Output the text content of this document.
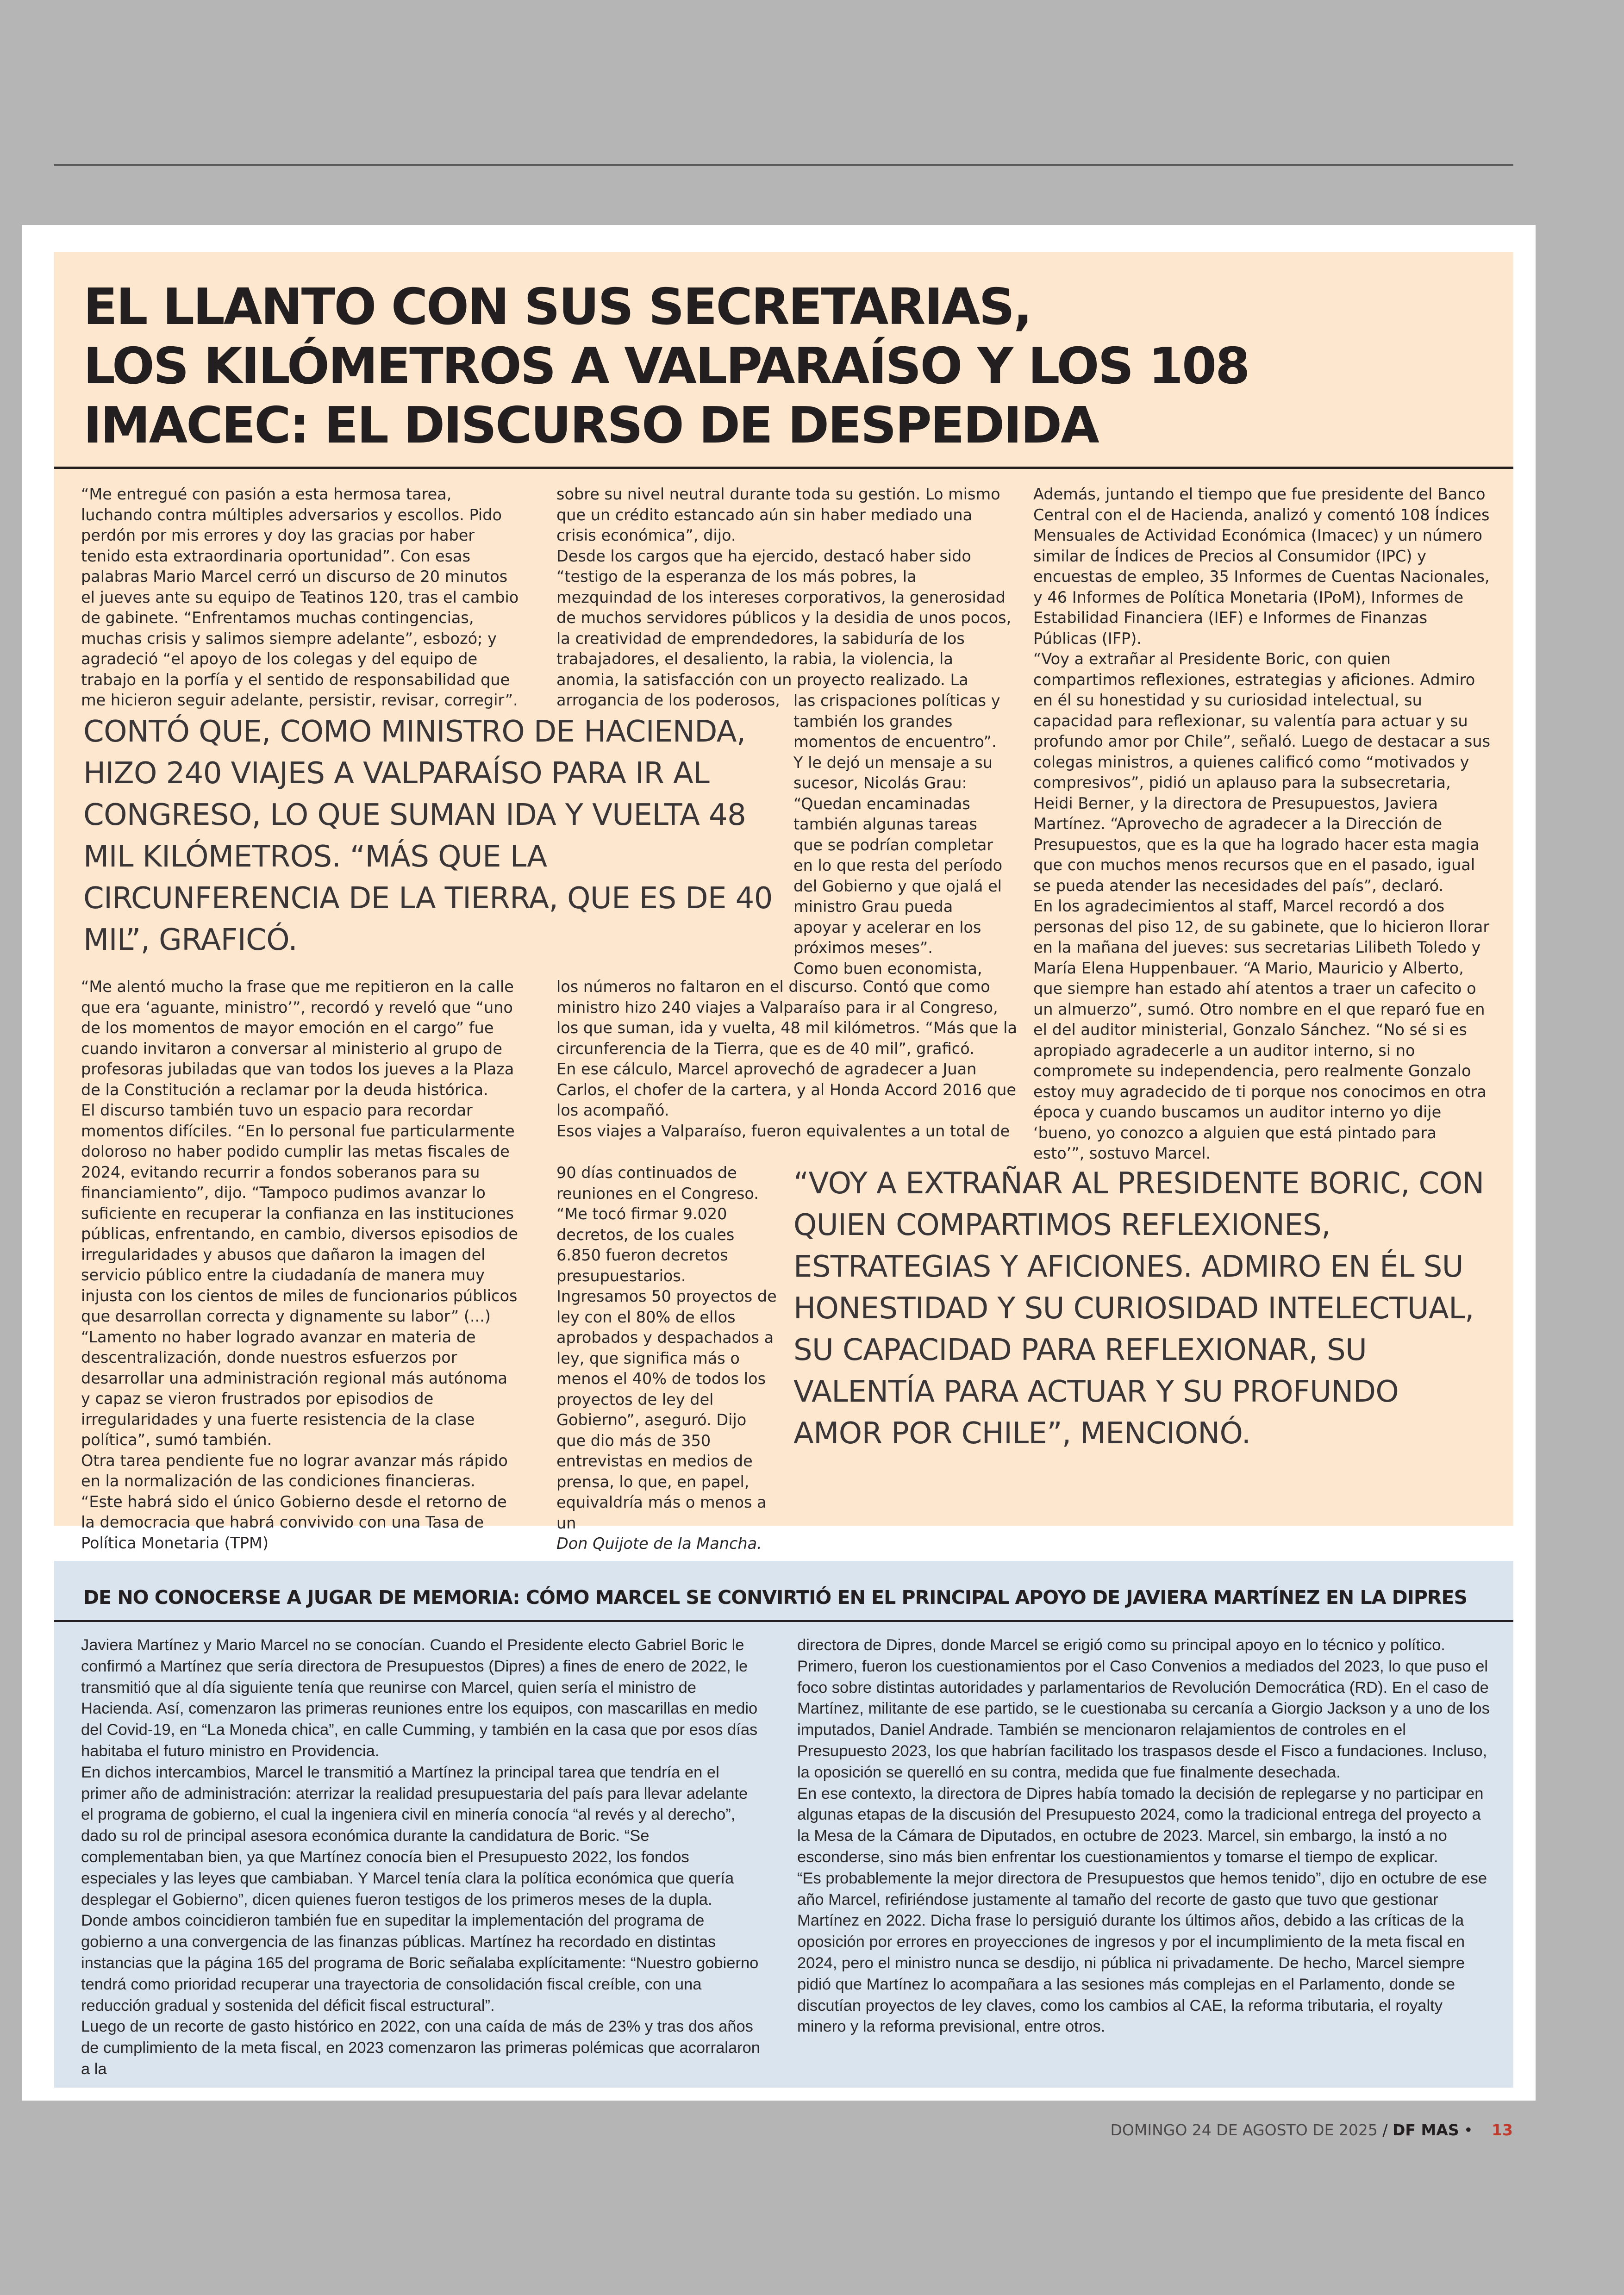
EL LLANTO CON SUS SECRETARIAS,
LOS KILÓMETROS A VALPARAÍSO Y LOS 108
IMACEC: EL DISCURSO DE DESPEDIDA

“Me entregué con pasión a esta hermosa tarea, luchando contra múltiples adversarios y escollos. Pido perdón por mis errores y doy las gracias por haber tenido esta extraordinaria oportunidad”. Con esas palabras Mario Marcel cerró un discurso de 20 minutos el jueves ante su equipo de Teatinos 120, tras el cambio de gabinete. “Enfrentamos muchas contingencias, muchas crisis y salimos siempre adelante”, esbozó; y agradeció “el apoyo de los colegas y del equipo de trabajo en la porfía y el sentido de responsabilidad que me hicieron seguir adelante, persistir, revisar, corregir”.

CONTÓ QUE, COMO MINISTRO DE HACIENDA, HIZO 240 VIAJES A VALPARAÍSO PARA IR AL CONGRESO, LO QUE SUMAN IDA Y VUELTA 48 MIL KILÓMETROS. “MÁS QUE LA CIRCUNFERENCIA DE LA TIERRA, QUE ES DE 40 MIL”, GRAFICÓ.

“Me alentó mucho la frase que me repitieron en la calle que era ‘aguante, ministro’”, recordó y reveló que “uno de los momentos de mayor emoción en el cargo” fue cuando invitaron a conversar al ministerio al grupo de profesoras jubiladas que van todos los jueves a la Plaza de la Constitución a reclamar por la deuda histórica.

El discurso también tuvo un espacio para recordar momentos difíciles. “En lo personal fue particularmente doloroso no haber podido cumplir las metas fiscales de 2024, evitando recurrir a fondos soberanos para su financiamiento”, dijo. “Tampoco pudimos avanzar lo suficiente en recuperar la confianza en las instituciones públicas, enfrentando, en cambio, diversos episodios de irregularidades y abusos que dañaron la imagen del servicio público entre la ciudadanía de manera muy injusta con los cientos de miles de funcionarios públicos que desarrollan correcta y dignamente su labor” (...) “Lamento no haber logrado avanzar en materia de descentralización, donde nuestros esfuerzos por desarrollar una administración regional más autónoma y capaz se vieron frustrados por episodios de irregularidades y una fuerte resistencia de la clase política”, sumó también.

Otra tarea pendiente fue no lograr avanzar más rápido en la normalización de las condiciones financieras. “Este habrá sido el único Gobierno desde el retorno de la democracia que habrá convivido con una Tasa de Política Monetaria (TPM)

sobre su nivel neutral durante toda su gestión. Lo mismo que un crédito estancado aún sin haber mediado una crisis económica”, dijo.

Desde los cargos que ha ejercido, destacó haber sido “testigo de la esperanza de los más pobres, la mezquindad de los intereses corporativos, la generosidad de muchos servidores públicos y la desidia de unos pocos, la creatividad de emprendedores, la sabiduría de los trabajadores, el desaliento, la rabia, la violencia, la anomia, la satisfacción con un proyecto realizado. La arrogancia de los poderosos, las crispaciones políticas y también los grandes momentos de encuentro”.

Y le dejó un mensaje a su sucesor, Nicolás Grau: “Quedan encaminadas también algunas tareas que se podrían completar en lo que resta del período del Gobierno y que ojalá el ministro Grau pueda apoyar y acelerar en los próximos meses”.

Como buen economista,

los números no faltaron en el discurso. Contó que como ministro hizo 240 viajes a Valparaíso para ir al Congreso, los que suman, ida y vuelta, 48 mil kilómetros. “Más que la circunferencia de la Tierra, que es de 40 mil”, graficó.

En ese cálculo, Marcel aprovechó de agradecer a Juan Carlos, el chofer de la cartera, y al Honda Accord 2016 que los acompañó.

Esos viajes a Valparaíso, fueron equivalentes a un total de

90 días continuados de reuniones en el Congreso. “Me tocó firmar 9.020 decretos, de los cuales 6.850 fueron decretos presupuestarios. Ingresamos 50 proyectos de ley con el 80% de ellos aprobados y despachados a ley, que significa más o menos el 40% de todos los proyectos de ley del Gobierno”, aseguró. Dijo que dio más de 350 entrevistas en medios de prensa, lo que, en papel, equivaldría más o menos a un

Don Quijote de la Mancha.

Además, juntando el tiempo que fue presidente del Banco Central con el de Hacienda, analizó y comentó 108 Índices Mensuales de Actividad Económica (Imacec) y un número similar de Índices de Precios al Consumidor (IPC) y encuestas de empleo, 35 Informes de Cuentas Nacionales, y 46 Informes de Política Monetaria (IPoM), Informes de Estabilidad Financiera (IEF) e Informes de Finanzas Públicas (IFP).

“Voy a extrañar al Presidente Boric, con quien compartimos reflexiones, estrategias y aficiones. Admiro en él su honestidad y su curiosidad intelectual, su capacidad para reflexionar, su valentía para actuar y su profundo amor por Chile”, señaló. Luego de destacar a sus colegas ministros, a quienes calificó como “motivados y compresivos”, pidió un aplauso para la subsecretaria, Heidi Berner, y la directora de Presupuestos, Javiera Martínez. “Aprovecho de agradecer a la Dirección de Presupuestos, que es la que ha logrado hacer esta magia que con muchos menos recursos que en el pasado, igual se pueda atender las necesidades del país”, declaró.

En los agradecimientos al staff, Marcel recordó a dos personas del piso 12, de su gabinete, que lo hicieron llorar en la mañana del jueves: sus secretarias Lilibeth Toledo y María Elena Huppenbauer. “A Mario, Mauricio y Alberto, que siempre han estado ahí atentos a traer un cafecito o un almuerzo”, sumó. Otro nombre en el que reparó fue en el del auditor ministerial, Gonzalo Sánchez. “No sé si es apropiado agradecerle a un auditor interno, si no compromete su independencia, pero realmente Gonzalo estoy muy agradecido de ti porque nos conocimos en otra época y cuando buscamos un auditor interno yo dije ‘bueno, yo conozco a alguien que está pintado para esto’”, sostuvo Marcel.

“VOY A EXTRAÑAR AL PRESIDENTE BORIC, CON QUIEN COMPARTIMOS REFLEXIONES, ESTRATEGIAS Y AFICIONES. ADMIRO EN ÉL SU HONESTIDAD Y SU CURIOSIDAD INTELECTUAL, SU CAPACIDAD PARA REFLEXIONAR, SU VALENTÍA PARA ACTUAR Y SU PROFUNDO AMOR POR CHILE”, MENCIONÓ.
DE NO CONOCERSE A JUGAR DE MEMORIA: CÓMO MARCEL SE CONVIRTIÓ EN EL PRINCIPAL APOYO DE JAVIERA MARTÍNEZ EN LA DIPRES

Javiera Martínez y Mario Marcel no se conocían. Cuando el Presidente electo Gabriel Boric le confirmó a Martínez que sería directora de Presupuestos (Dipres) a fines de enero de 2022, le transmitió que al día siguiente tenía que reunirse con Marcel, quien sería el ministro de Hacienda. Así, comenzaron las primeras reuniones entre los equipos, con mascarillas en medio del Covid-19, en “La Moneda chica”, en calle Cumming, y también en la casa que por esos días habitaba el futuro ministro en Providencia.

En dichos intercambios, Marcel le transmitió a Martínez la principal tarea que tendría en el primer año de administración: aterrizar la realidad presupuestaria del país para llevar adelante el programa de gobierno, el cual la ingeniera civil en minería conocía “al revés y al derecho”, dado su rol de principal asesora económica durante la candidatura de Boric. “Se complementaban bien, ya que Martínez conocía bien el Presupuesto 2022, los fondos especiales y las leyes que cambiaban. Y Marcel tenía clara la política económica que quería desplegar el Gobierno”, dicen quienes fueron testigos de los primeros meses de la dupla.

Donde ambos coincidieron también fue en supeditar la implementación del programa de gobierno a una convergencia de las finanzas públicas. Martínez ha recordado en distintas instancias que la página 165 del programa de Boric señalaba explícitamente: “Nuestro gobierno tendrá como prioridad recuperar una trayectoria de consolidación fiscal creíble, con una reducción gradual y sostenida del déficit fiscal estructural”.

Luego de un recorte de gasto histórico en 2022, con una caída de más de 23% y tras dos años de cumplimiento de la meta fiscal, en 2023 comenzaron las primeras polémicas que acorralaron a la

directora de Dipres, donde Marcel se erigió como su principal apoyo en lo técnico y político.

Primero, fueron los cuestionamientos por el Caso Convenios a mediados del 2023, lo que puso el foco sobre distintas autoridades y parlamentarios de Revolución Democrática (RD). En el caso de Martínez, militante de ese partido, se le cuestionaba su cercanía a Giorgio Jackson y a uno de los imputados, Daniel Andrade. También se mencionaron relajamientos de controles en el Presupuesto 2023, los que habrían facilitado los traspasos desde el Fisco a fundaciones. Incluso, la oposición se querelló en su contra, medida que fue finalmente desechada.

En ese contexto, la directora de Dipres había tomado la decisión de replegarse y no participar en algunas etapas de la discusión del Presupuesto 2024, como la tradicional entrega del proyecto a la Mesa de la Cámara de Diputados, en octubre de 2023. Marcel, sin embargo, la instó a no esconderse, sino más bien enfrentar los cuestionamientos y tomarse el tiempo de explicar.

“Es probablemente la mejor directora de Presupuestos que hemos tenido”, dijo en octubre de ese año Marcel, refiriéndose justamente al tamaño del recorte de gasto que tuvo que gestionar Martínez en 2022. Dicha frase lo persiguió durante los últimos años, debido a las críticas de la oposición por errores en proyecciones de ingresos y por el incumplimiento de la meta fiscal en 2024, pero el ministro nunca se desdijo, ni pública ni privadamente. De hecho, Marcel siempre pidió que Martínez lo acompañara a las sesiones más complejas en el Parlamento, donde se discutían proyectos de ley claves, como los cambios al CAE, la reforma tributaria, el royalty minero y la reforma previsional, entre otros.

DOMINGO 24 DE AGOSTO DE 2025 / DF MAS • 13
